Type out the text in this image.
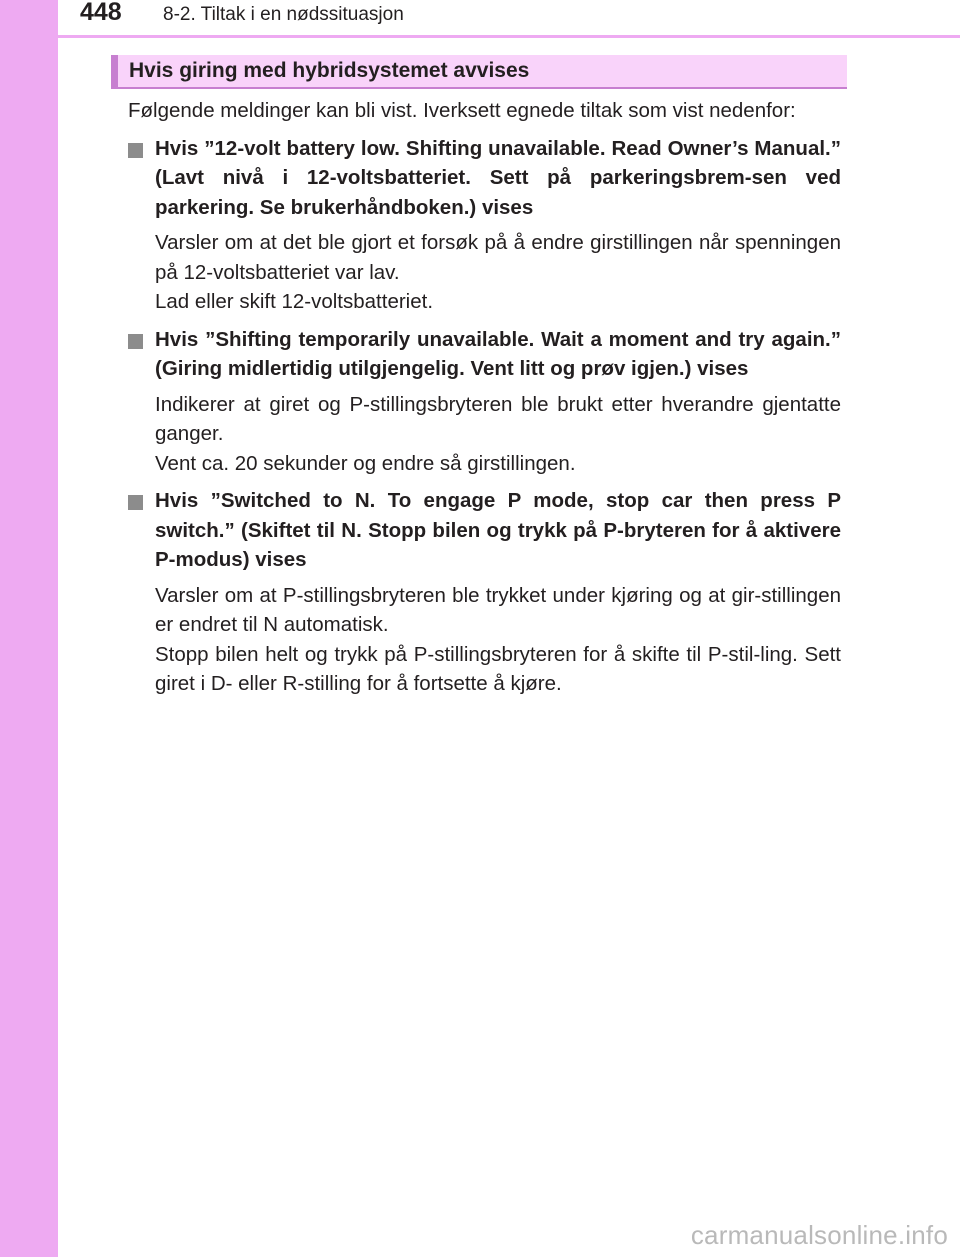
448 8-2. Tiltak i en nødssituasjon
Hvis giring med hybridsystemet avvises

Følgende meldinger kan bli vist. Iverksett egnede tiltak som vist nedenfor:

Hvis ”12-volt battery low. Shifting unavailable. Read Owner’s Manual.” (Lavt nivå i 12-voltsbatteriet. Sett på parkeringsbrem-sen ved parkering. Se brukerhåndboken.) vises

Varsler om at det ble gjort et forsøk på å endre girstillingen når spenningen på 12-voltsbatteriet var lav.

Lad eller skift 12-voltsbatteriet.

Hvis ”Shifting temporarily unavailable. Wait a moment and try again.” (Giring midlertidig utilgjengelig. Vent litt og prøv igjen.) vises

Indikerer at giret og P-stillingsbryteren ble brukt etter hverandre gjentatte ganger.

Vent ca. 20 sekunder og endre så girstillingen.

Hvis ”Switched to N. To engage P mode, stop car then press P switch.” (Skiftet til N. Stopp bilen og trykk på P-bryteren for å aktivere P-modus) vises

Varsler om at P-stillingsbryteren ble trykket under kjøring og at gir-stillingen er endret til N automatisk.

Stopp bilen helt og trykk på P-stillingsbryteren for å skifte til P-stil-ling. Sett giret i D- eller R-stilling for å fortsette å kjøre.

carmanualsonline.info
